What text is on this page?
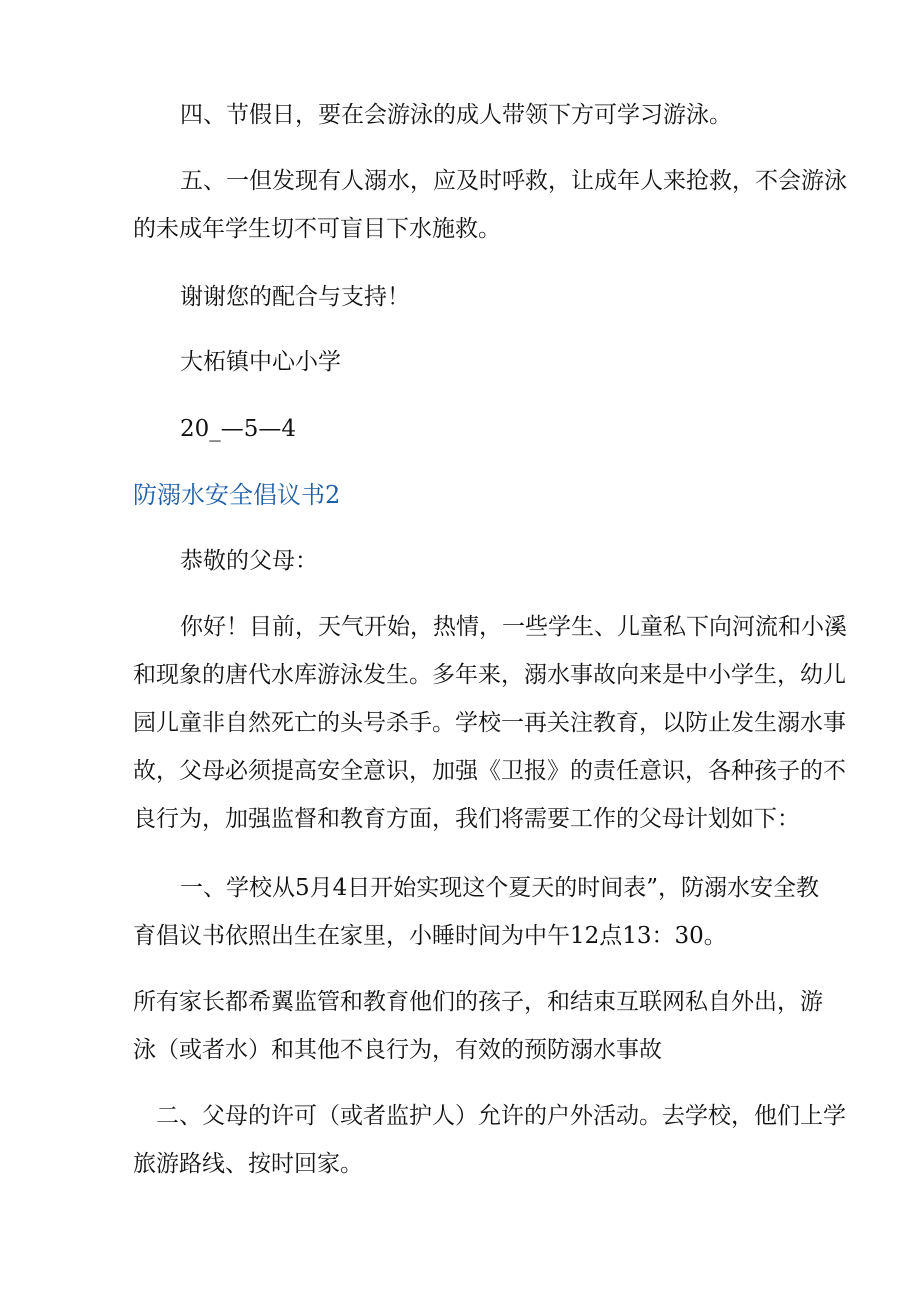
四、节假日，要在会游泳的成人带领下方可学习游泳。
五、一但发现有人溺水，应及时呼救，让成年人来抢救，不会游泳
的未成年学生切不可盲目下水施救。
谢谢您的配合与支持！
大柘镇中心小学
20_—5—4
防溺水安全倡议书2
恭敬的父母：
你好！目前，天气开始，热情，一些学生、儿童私下向河流和小溪
和现象的唐代水库游泳发生。多年来，溺水事故向来是中小学生，幼儿
园儿童非自然死亡的头号杀手。学校一再关注教育，以防止发生溺水事
故，父母必须提高安全意识，加强《卫报》的责任意识，各种孩子的不
良行为，加强监督和教育方面，我们将需要工作的父母计划如下：
一、学校从5月4日开始实现这个夏天的时间表”，防溺水安全教
育倡议书依照出生在家里，小睡时间为中午12点13：30。
所有家长都希翼监管和教育他们的孩子，和结束互联网私自外出，游
泳（或者水）和其他不良行为，有效的预防溺水事故
二、父母的许可（或者监护人）允许的户外活动。去学校，他们上学
旅游路线、按时回家。
